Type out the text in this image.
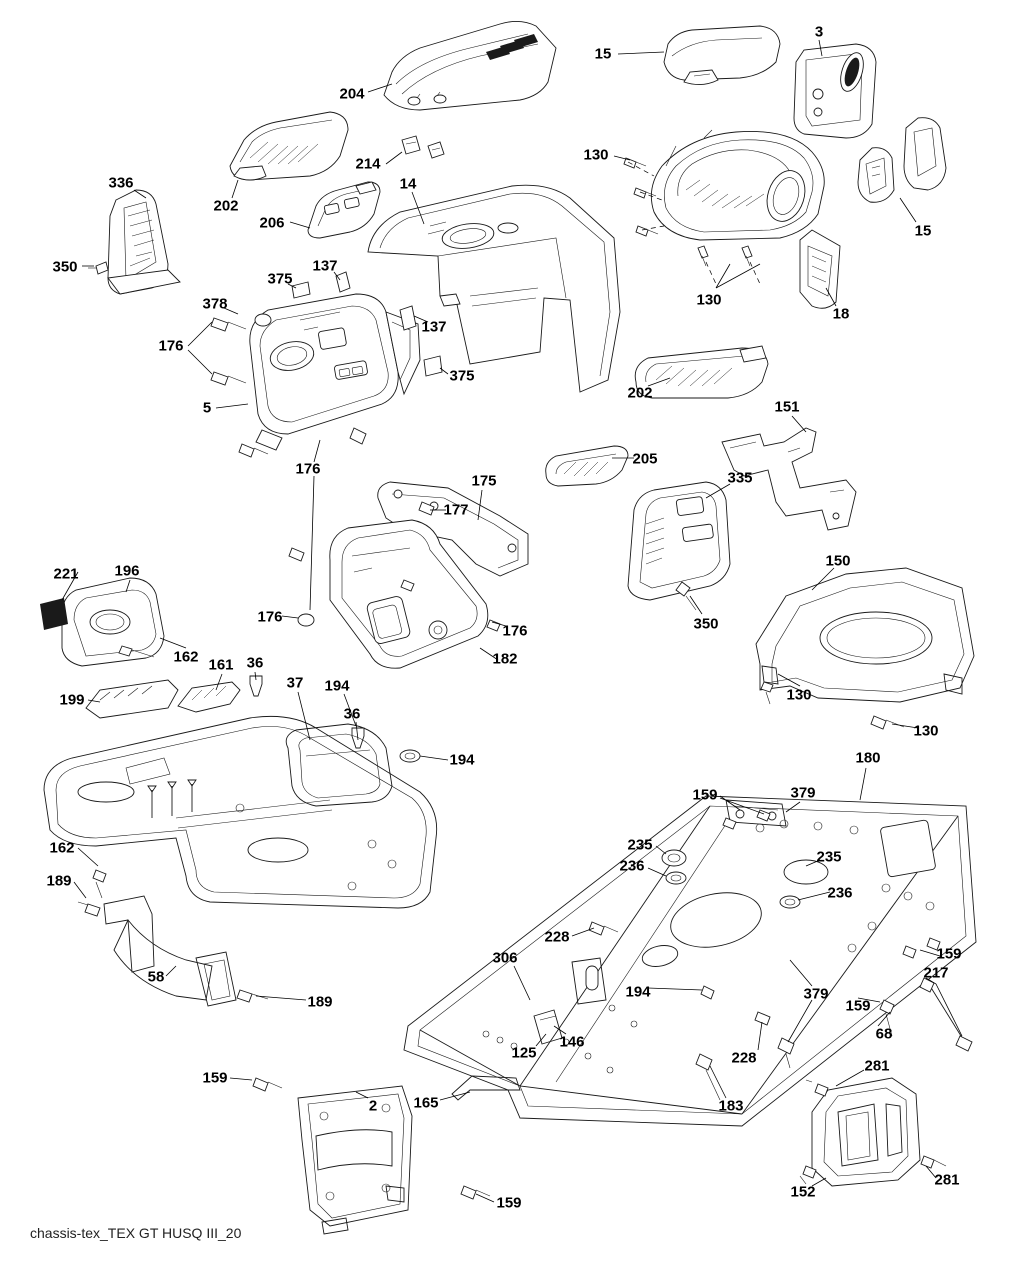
204
15
3
214
130
202
206
14
15
336
350
375
137
137
378
176
375
130
18
5
202
151
176
205
335
175
177
150
221 196
176
176	350
162 161 36
37 194
182
130
130
199
36
194	180
159	379
235
236
235
236
162
189
228
159
217
306
194	379
159
58
189
68
125
146
228	281
165	183
159
2
152
281
159
chassis-tex_TEX GT HUSQ III_20
